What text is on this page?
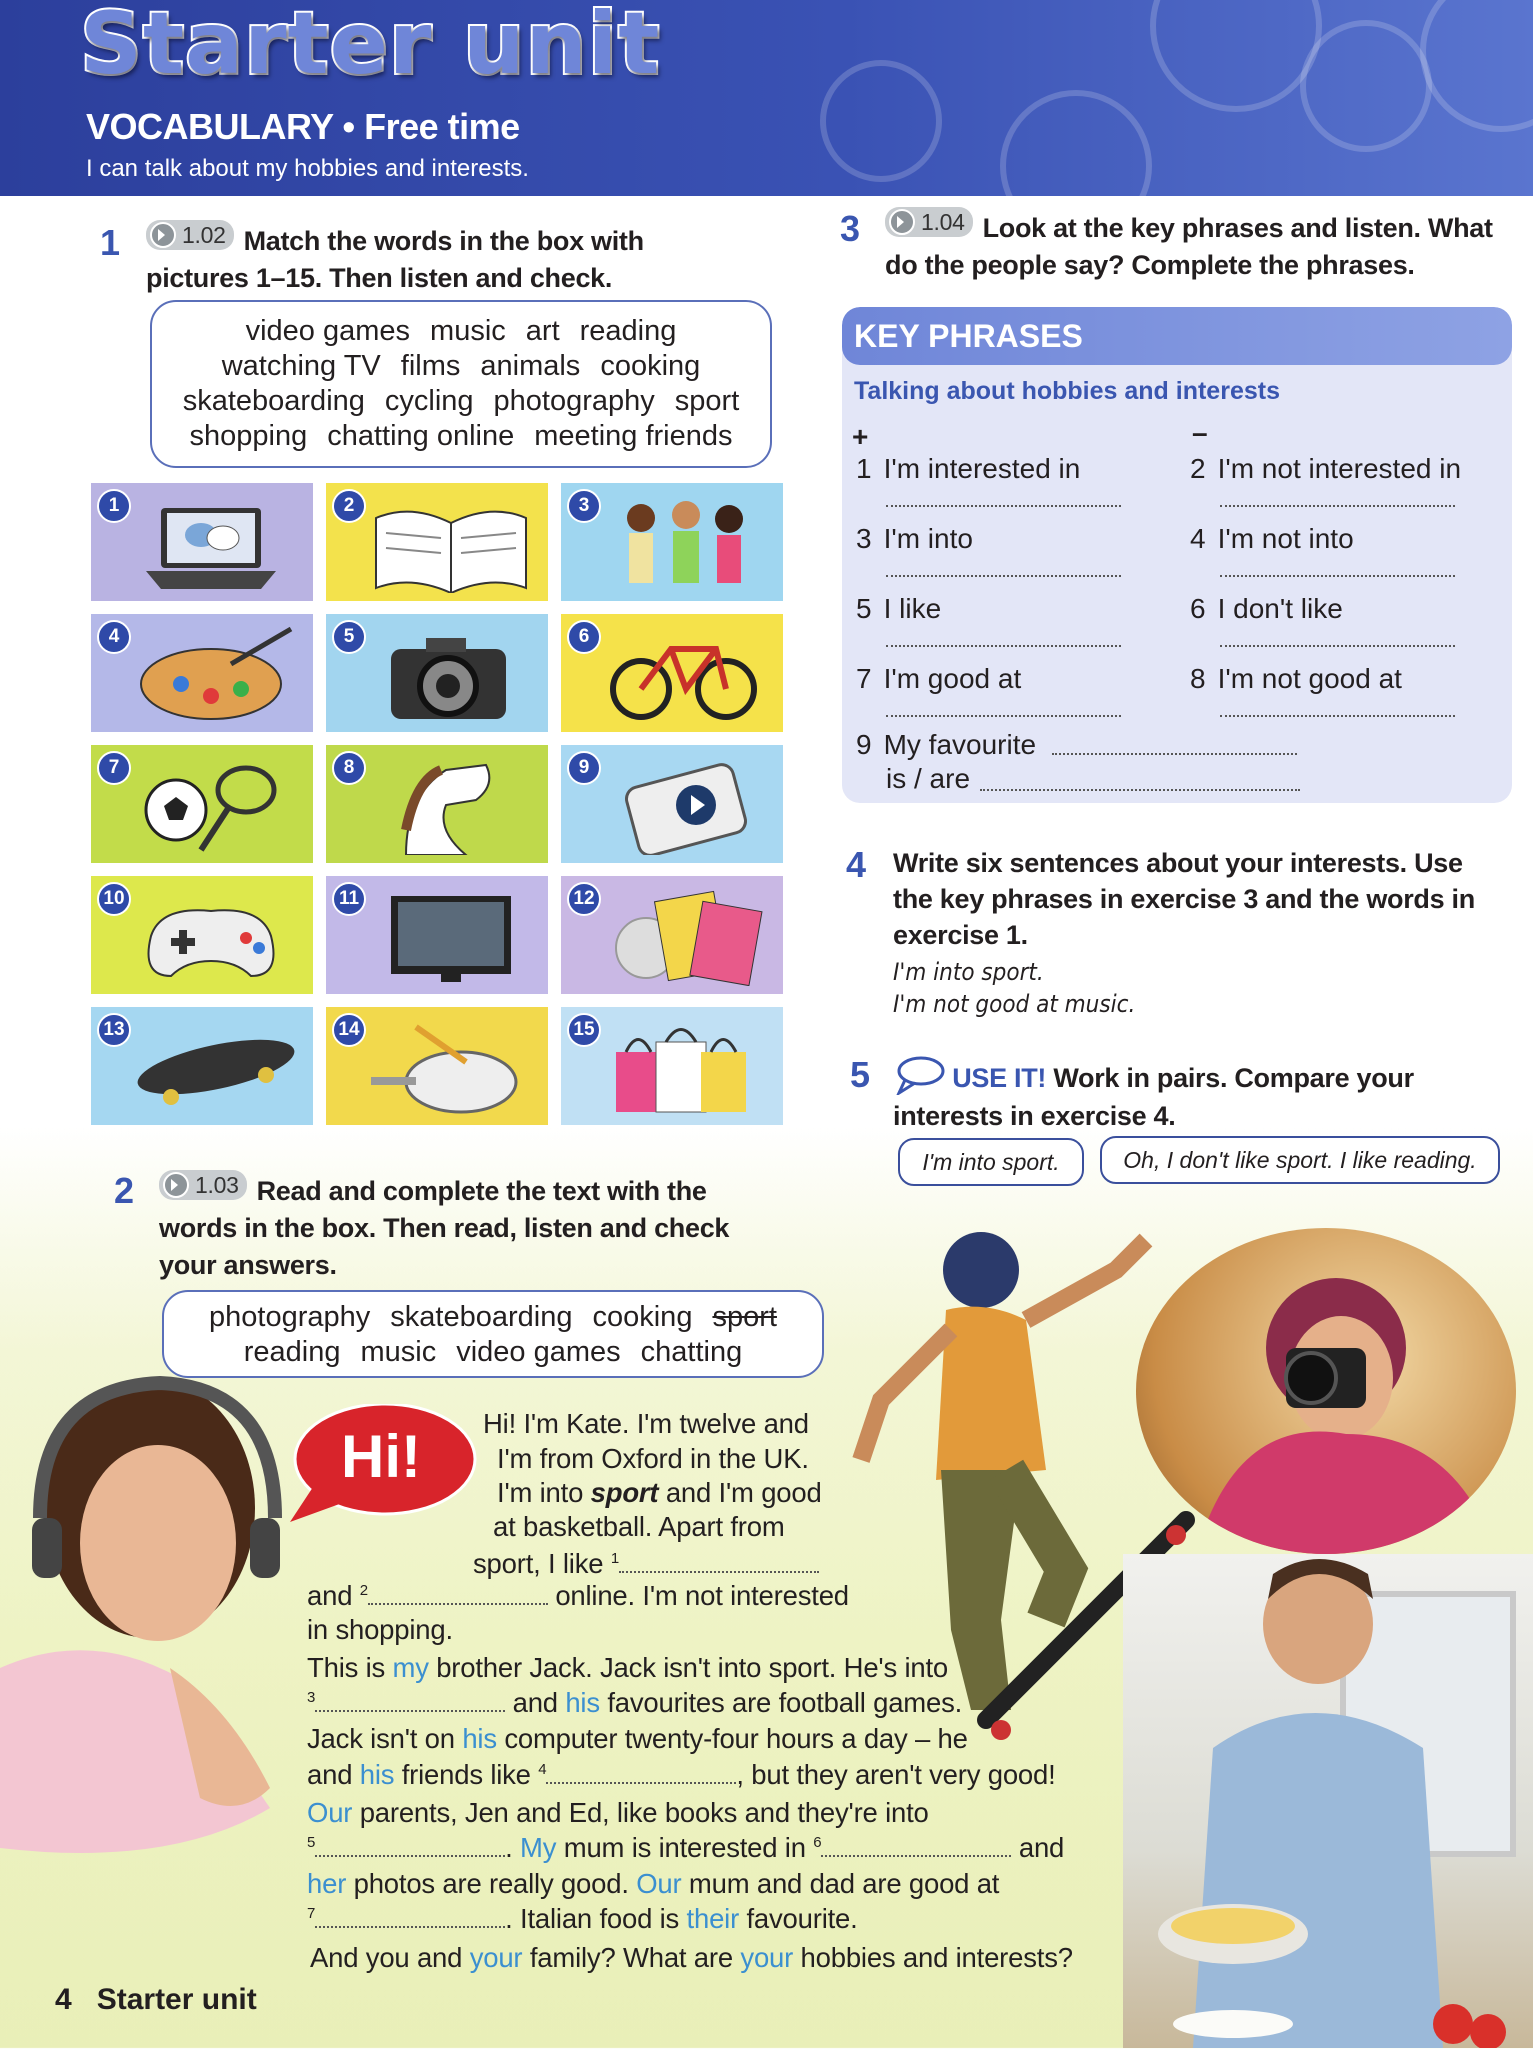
Starter unit
VOCABULARY • Free time
I can talk about my hobbies and interests.
1	1.02 Match the words in the box with
pictures 1–15. Then listen and check.
video games music art reading
watching TV films animals cooking
skateboarding cycling photography sport
shopping chatting online meeting friends
1	2	3
4	5	6
7	8	9
10	11	12
13	14	15
2	1.03 Read and complete the text with the
words in the box. Then read, listen and check
your answers.
photography skateboarding cooking sport
reading music video games chatting
Hi!	Hi! I'm Kate. I'm twelve and
I'm from Oxford in the UK.
I'm into sport and I'm good
at basketball. Apart from
sport, I like $^1$
and $^2$	online. I'm not interested
in shopping.
This is my brother Jack. Jack isn't into sport. He's into
$^3$	and his favourites are football games.
Jack isn't on his computer twenty-four hours a day – he
and his friends like $^4$	, but they aren't very good!
Our parents, Jen and Ed, like books and they're into
$^5$	. My mum is interested in $^6$	and
her photos are really good. Our mum and dad are good at
$^7$	. Italian food is their favourite.
And you and your family? What are your hobbies and interests?
3	1.04 Look at the key phrases and listen. What
do the people say? Complete the phrases.
KEY PHRASES
Talking about hobbies and interests
+	–
1 I'm interested in	2 I'm not interested in
3 I'm into	4 I'm not into
5 I like	6 I don't like
7 I'm good at	8 I'm not good at
9 My favourite
is / are
4 Write six sentences about your interests. Use
the key phrases in exercise 3 and the words in
exercise 1.
I'm into sport.
I'm not good at music.
5	USE IT! Work in pairs. Compare your
interests in exercise 4.
I'm into sport.	Oh, I don't like sport. I like reading.
4 Starter unit
